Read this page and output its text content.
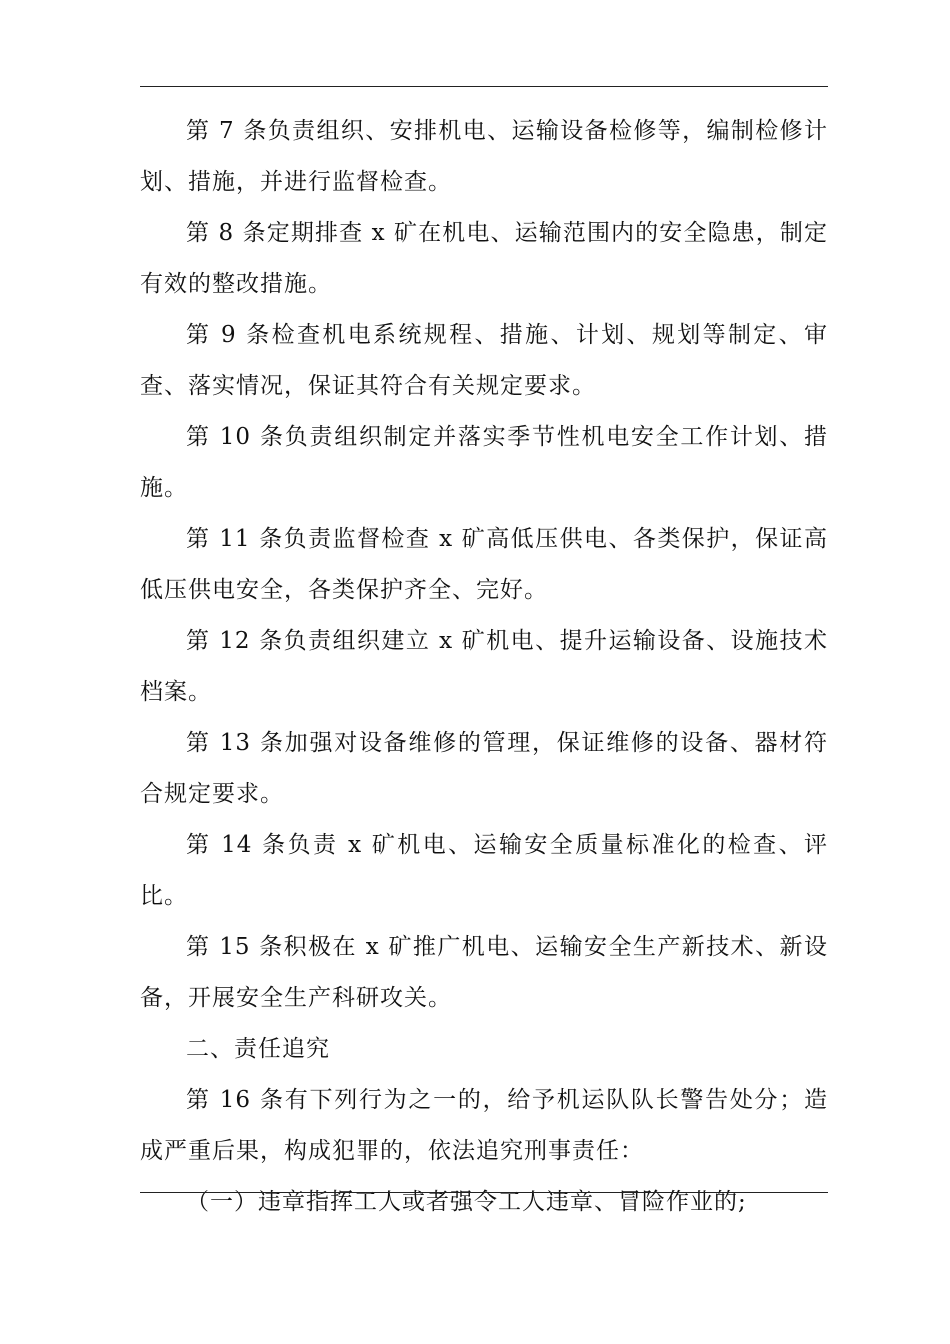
第 7 条负责组织、安排机电、运输设备检修等，编制检修计划、措施，并进行监督检查。

第 8 条定期排查 x 矿在机电、运输范围内的安全隐患，制定有效的整改措施。

第 9 条检查机电系统规程、措施、计划、规划等制定、审查、落实情况，保证其符合有关规定要求。

第 10 条负责组织制定并落实季节性机电安全工作计划、措施。

第 11 条负责监督检查 x 矿高低压供电、各类保护，保证高低压供电安全，各类保护齐全、完好。

第 12 条负责组织建立 x 矿机电、提升运输设备、设施技术档案。

第 13 条加强对设备维修的管理，保证维修的设备、器材符合规定要求。

第 14 条负责 x 矿机电、运输安全质量标准化的检查、评比。

第 15 条积极在 x 矿推广机电、运输安全生产新技术、新设备，开展安全生产科研攻关。

二、责任追究

第 16 条有下列行为之一的，给予机运队队长警告处分；造成严重后果，构成犯罪的，依法追究刑事责任：

（一）违章指挥工人或者强令工人违章、冒险作业的;
